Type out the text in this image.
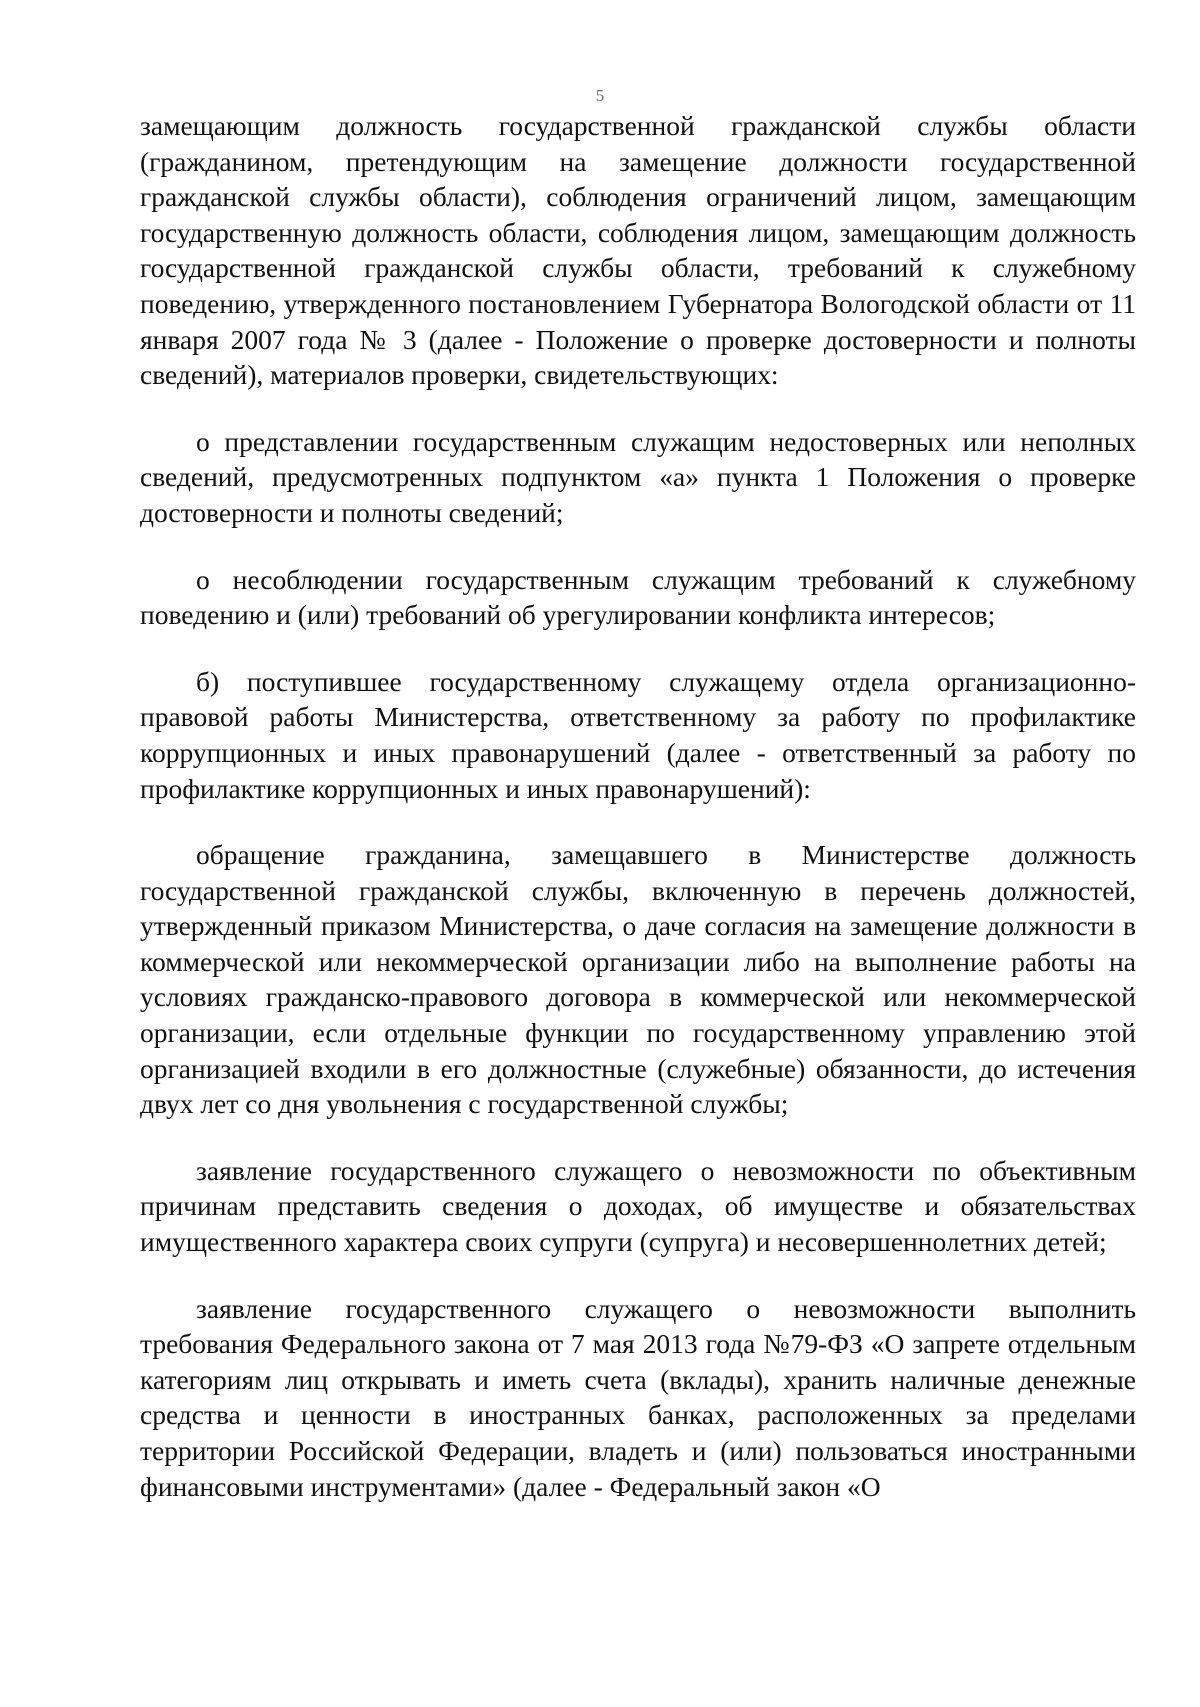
5

замещающим должность государственной гражданской службы области (гражданином, претендующим на замещение должности государственной гражданской службы области), соблюдения ограничений лицом, замещающим государственную должность области, соблюдения лицом, замещающим должность государственной гражданской службы области, требований к служебному поведению, утвержденного постановлением Губернатора Вологодской области от 11 января 2007 года № 3 (далее - Положение о проверке достоверности и полноты сведений), материалов проверки, свидетельствующих:

о представлении государственным служащим недостоверных или неполных сведений, предусмотренных подпунктом «а» пункта 1 Положения о проверке достоверности и полноты сведений;

о несоблюдении государственным служащим требований к служебному поведению и (или) требований об урегулировании конфликта интересов;

б) поступившее государственному служащему отдела организационно-правовой работы Министерства, ответственному за работу по профилактике коррупционных и иных правонарушений (далее - ответственный за работу по профилактике коррупционных и иных правонарушений):

обращение гражданина, замещавшего в Министерстве должность государственной гражданской службы, включенную в перечень должностей, утвержденный приказом Министерства, о даче согласия на замещение должности в коммерческой или некоммерческой организации либо на выполнение работы на условиях гражданско-правового договора в коммерческой или некоммерческой организации, если отдельные функции по государственному управлению этой организацией входили в его должностные (служебные) обязанности, до истечения двух лет со дня увольнения с государственной службы;

заявление государственного служащего о невозможности по объективным причинам представить сведения о доходах, об имуществе и обязательствах имущественного характера своих супруги (супруга) и несовершеннолетних детей;

заявление государственного служащего о невозможности выполнить требования Федерального закона от 7 мая 2013 года №79-ФЗ «О запрете отдельным категориям лиц открывать и иметь счета (вклады), хранить наличные денежные средства и ценности в иностранных банках, расположенных за пределами территории Российской Федерации, владеть и (или) пользоваться иностранными финансовыми инструментами» (далее - Федеральный закон «О
